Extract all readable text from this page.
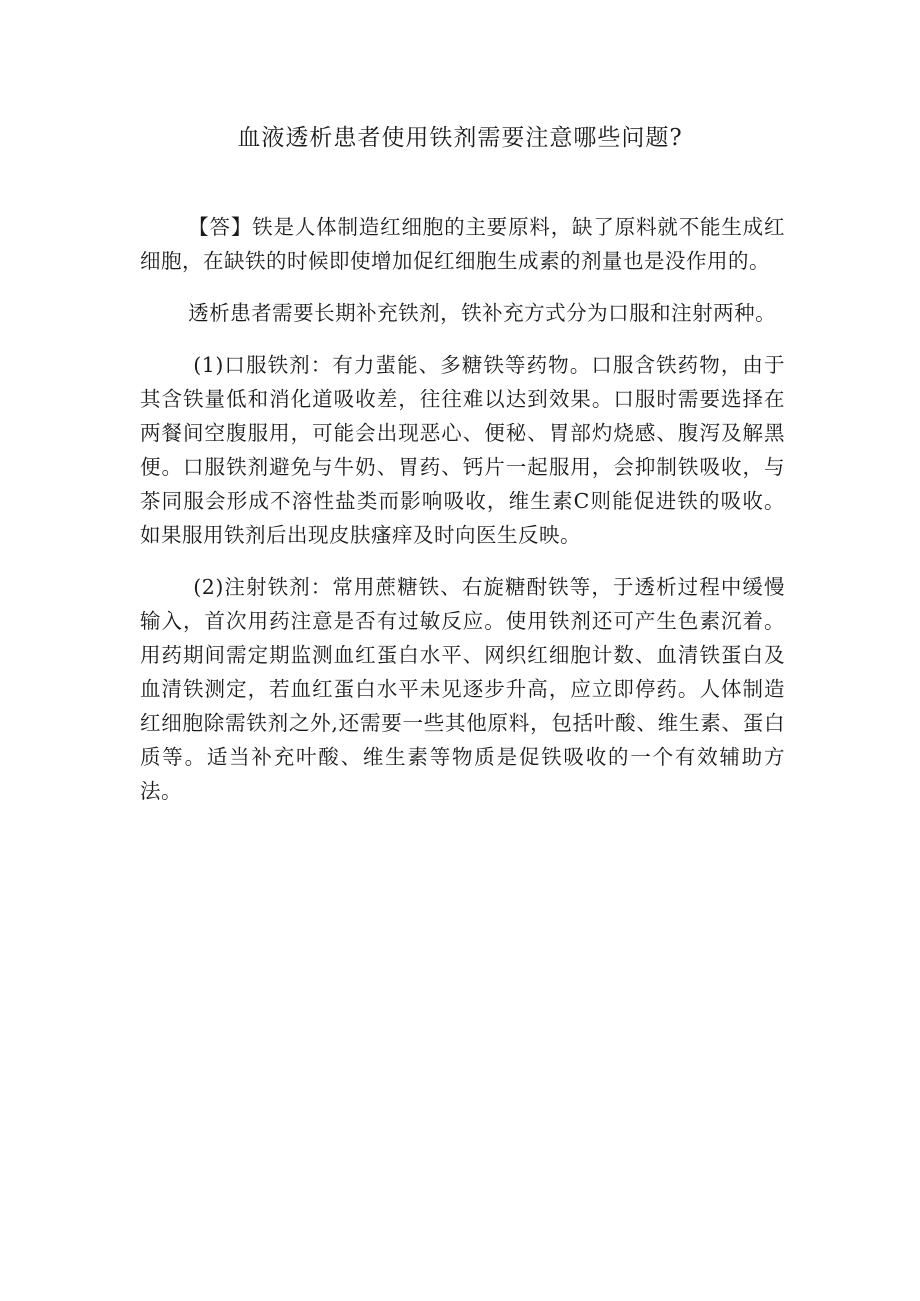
血液透析患者使用铁剂需要注意哪些问题?

【答】铁是人体制造红细胞的主要原料，缺了原料就不能生成红细胞，在缺铁的时候即使增加促红细胞生成素的剂量也是没作用的。

透析患者需要长期补充铁剂，铁补充方式分为口服和注射两种。

(1)口服铁剂：有力蜚能、多糖铁等药物。口服含铁药物，由于其含铁量低和消化道吸收差，往往难以达到效果。口服时需要选择在两餐间空腹服用，可能会出现恶心、便秘、胃部灼烧感、腹泻及解黑便。口服铁剂避免与牛奶、胃药、钙片一起服用，会抑制铁吸收，与茶同服会形成不溶性盐类而影响吸收，维生素C则能促进铁的吸收。如果服用铁剂后出现皮肤瘙痒及时向医生反映。

(2)注射铁剂：常用蔗糖铁、右旋糖酎铁等，于透析过程中缓慢输入，首次用药注意是否有过敏反应。使用铁剂还可产生色素沉着。用药期间需定期监测血红蛋白水平、网织红细胞计数、血清铁蛋白及血清铁测定，若血红蛋白水平未见逐步升高，应立即停药。人体制造红细胞除需铁剂之外,还需要一些其他原料，包括叶酸、维生素、蛋白质等。适当补充叶酸、维生素等物质是促铁吸收的一个有效辅助方法。
